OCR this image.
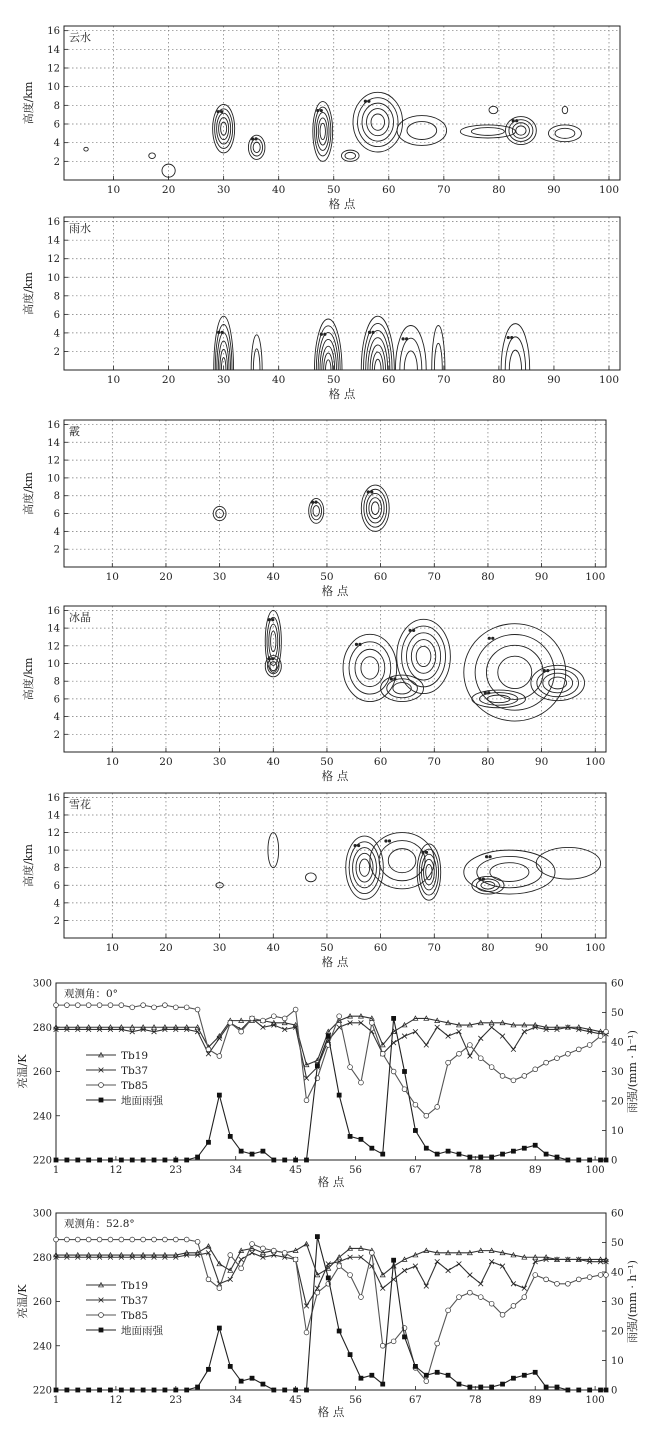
10	20	30	40	50	60	70	80	90	100
2
4
6
8
10
12
14
16 云水
格 点
高度/km
10	20	30	40	50	60	70	80	90	100
2
4
6
8
10
12
14
16 雨水
格 点
高度/km
10	20	30	40	50	60	70	80	90	100
2
4
6
8
10
12
14
16 霰
格 点
高度/km
10	20	30	40	50	60	70	80	90	100
2
4
6
8
10
12
14
16 冰晶
格 点
高度/km
10	20	30	40	50	60	70	80	90	100
2
4
6
8
10
12
14
16 雪花
格 点
高度/km
1	12	23	34	45	56	67	78	89	100
220
240
260
280
300
0
10
20
30
40
50
60
Tb19
Tb37
Tb85
地面雨强
观测角：0°
格 点
亮温/K	雨强/(mm · h⁻¹)
1	12	23	34	45	56	67	78	89	100
220
240
260
280
300
0
10
20
30
40
50
60
Tb19
Tb37
Tb85
地面雨强
观测角：52.8°
格 点
亮温/K	雨强/(mm · h⁻¹)
